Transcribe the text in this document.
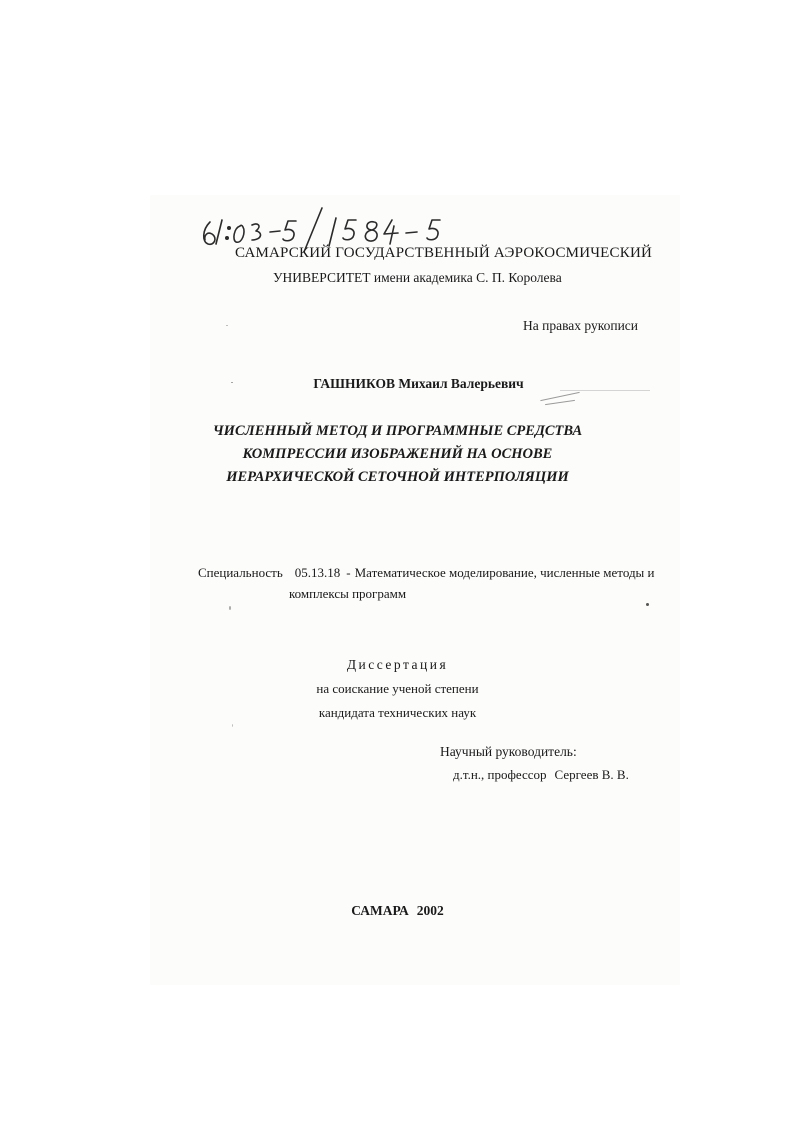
САМАРСКИЙ ГОСУДАРСТВЕННЫЙ АЭРОКОСМИЧЕСКИЙ
УНИВЕРСИТЕТ имени академика С. П. Королева
На правах рукописи
ГАШНИКОВ Михаил Валерьевич
ЧИСЛЕННЫЙ МЕТОД И ПРОГРАММНЫЕ СРЕДСТВА
КОМПРЕССИИ ИЗОБРАЖЕНИЙ НА ОСНОВЕ
ИЕРАРХИЧЕСКОЙ СЕТОЧНОЙ ИНТЕРПОЛЯЦИИ
Специальность 05.13.18 - Математическое моделирование, численные методы и
комплексы программ
Диссертация
на соискание ученой степени
кандидата технических наук
Научный руководитель:
д.т.н., профессор Сергеев В. В.
САМАРА 2002
